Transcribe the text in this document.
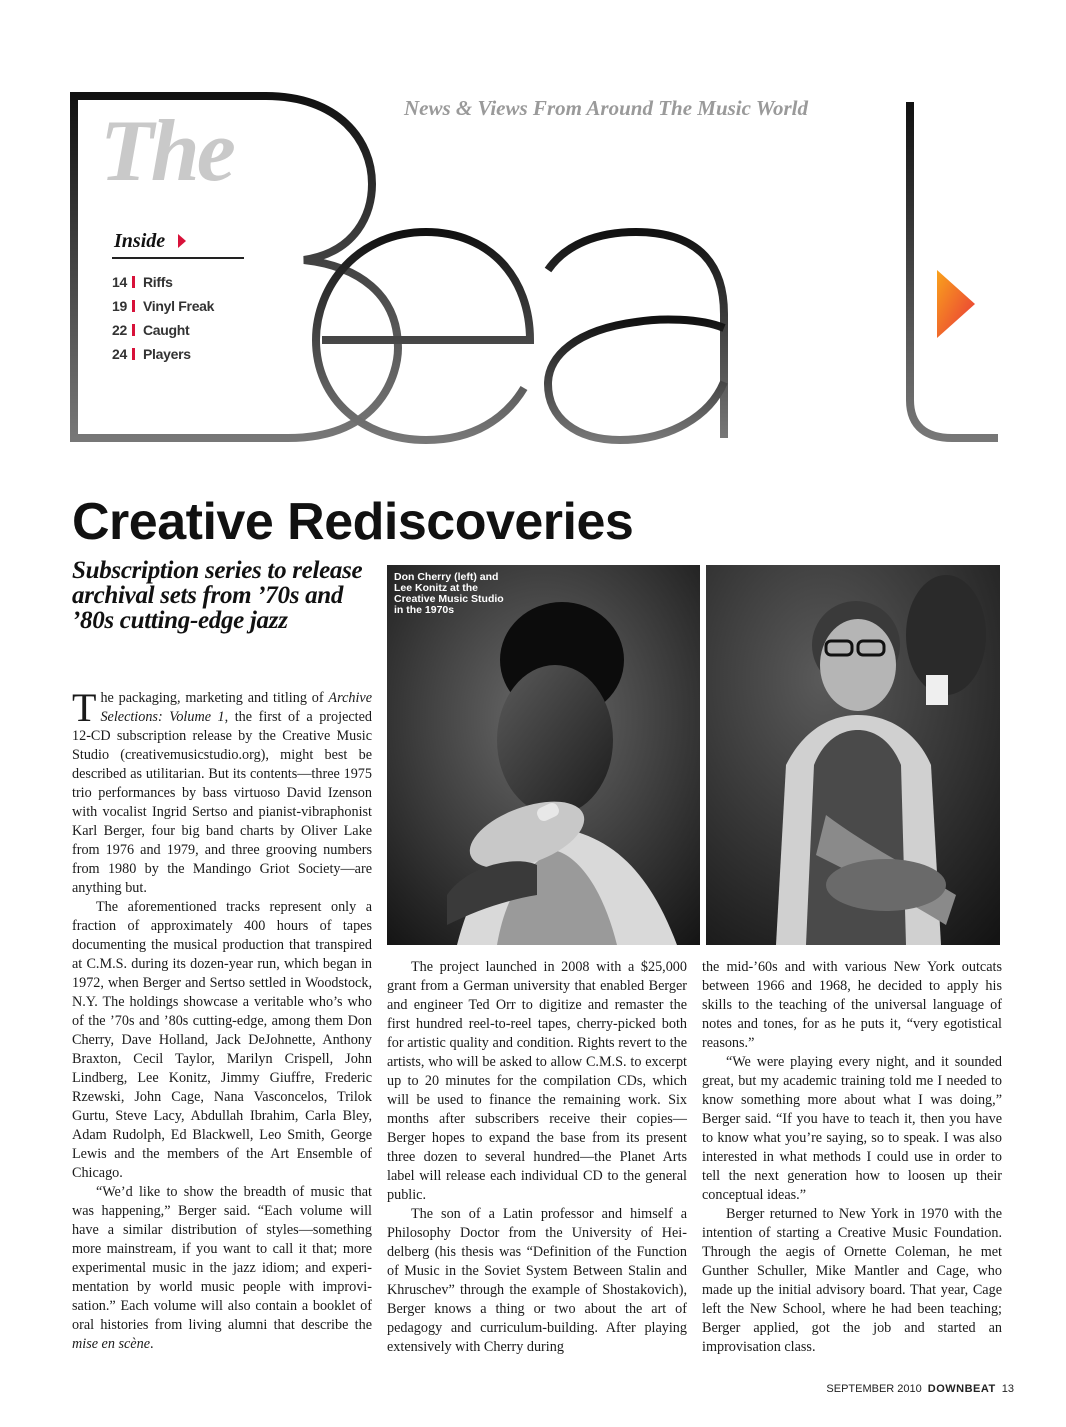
The	News & Views From Around The Music World
Inside
14 Riffs
19 Vinyl Freak
22 Caught
24 Players
Creative Rediscoveries
Subscription series to release archival sets from ’70s and ’80s cutting-edge jazz

The packaging, marketing and titling of Archive Selections: Volume 1, the first of a projected 12-CD subscription release by the Creative Music Studio (creativemusicstudio.org), might best be described as utilitarian. But its contents—three 1975 trio performances by bass virtuoso David Izenson with vocalist Ingrid Sertso and pianist-vibraphonist Karl Berger, four big band charts by Oliver Lake from 1976 and 1979, and three grooving numbers from 1980 by the Mandingo Griot Society—are anything but.

The aforementioned tracks represent only a fraction of approximately 400 hours of tapes documenting the musical production that transpired at C.M.S. during its dozen-year run, which began in 1972, when Berger and Sertso settled in Woodstock, N.Y. The holdings showcase a veritable who’s who of the ’70s and ’80s cutting-edge, among them Don Cherry, Dave Holland, Jack DeJohnette, Anthony Braxton, Cecil Taylor, Marilyn Crispell, John Lindberg, Lee Konitz, Jimmy Giuffre, Frederic Rzewski, John Cage, Nana Vasconcelos, Trilok Gurtu, Steve Lacy, Abdullah Ibrahim, Carla Bley, Adam Rudolph, Ed Blackwell, Leo Smith, George Lewis and the members of the Art Ensemble of Chicago.

“We’d like to show the breadth of music that was happening,” Berger said. “Each volume will have a similar distribution of styles—something more mainstream, if you want to call it that; more experimental music in the jazz idiom; and experimentation by world music people with improvisation.” Each volume will also contain a booklet of oral histories from living alumni that describe the mise en scène.

Don Cherry (left) and Lee Konitz at the Creative Music Studio in the 1970s

The project launched in 2008 with a $25,000 grant from a German university that enabled Berger and engineer Ted Orr to digitize and remaster the first hundred reel-to-reel tapes, cherry-picked both for artistic quality and condition. Rights revert to the artists, who will be asked to allow C.M.S. to excerpt up to 20 minutes for the compilation CDs, which will be used to finance the remaining work. Six months after subscribers receive their copies—Berger hopes to expand the base from its present three dozen to several hundred—the Planet Arts label will release each individual CD to the general public.

The son of a Latin professor and himself a Philosophy Doctor from the University of Heidelberg (his thesis was “Definition of the Function of Music in the Soviet System Between Stalin and Khruschev” through the example of Shostakovich), Berger knows a thing or two about the art of pedagogy and curriculum-building. After playing extensively with Cherry during

the mid-’60s and with various New York outcats between 1966 and 1968, he decided to apply his skills to the teaching of the universal language of notes and tones, for as he puts it, “very egotistical reasons.”

“We were playing every night, and it sounded great, but my academic training told me I needed to know something more about what I was doing,” Berger said. “If you have to teach it, then you have to know what you’re saying, so to speak. I was also interested in what methods I could use in order to tell the next generation how to loosen up their conceptual ideas.”

Berger returned to New York in 1970 with the intention of starting a Creative Music Foundation. Through the aegis of Ornette Coleman, he met Gunther Schuller, Mike Mantler and Cage, who made up the initial advisory board. That year, Cage left the New School, where he had been teaching; Berger applied, got the job and started an improvisation class.

SEPTEMBER 2010 DOWNBEAT 13
